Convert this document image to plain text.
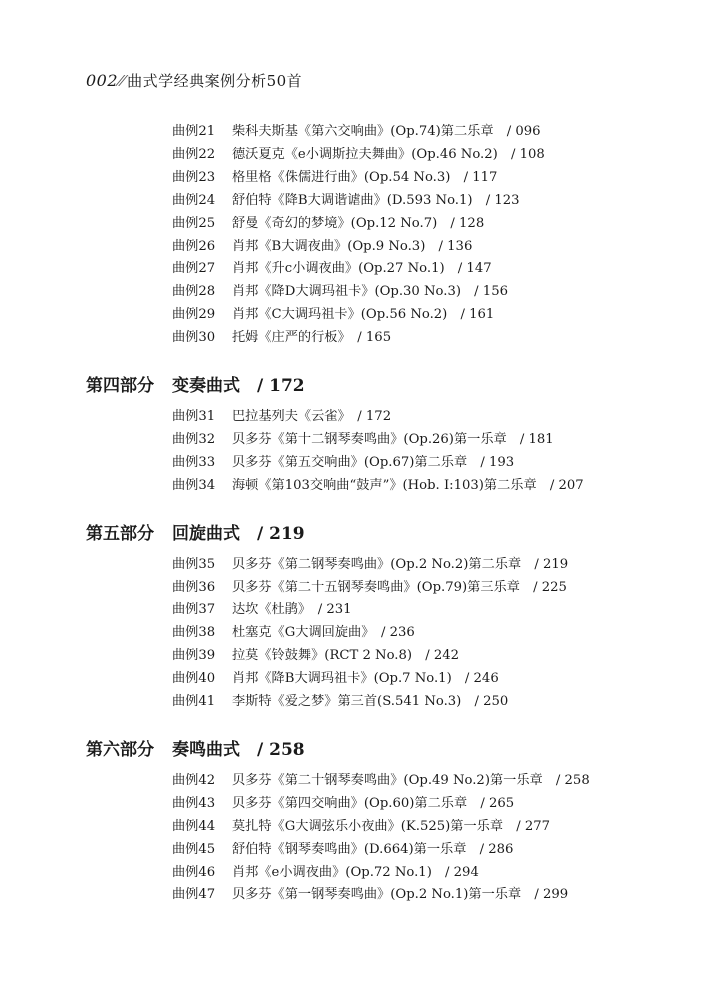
002 ⁄⁄ 曲式学经典案例分析50首
曲例21 柴科夫斯基《第六交响曲》(Op.74)第二乐章　/ 096
曲例22 德沃夏克《e小调斯拉夫舞曲》(Op.46 No.2)　/ 108
曲例23 格里格《侏儒进行曲》(Op.54 No.3)　/ 117
曲例24 舒伯特《降B大调谐谑曲》(D.593 No.1)　/ 123
曲例25 舒曼《奇幻的梦境》(Op.12 No.7)　/ 128
曲例26 肖邦《B大调夜曲》(Op.9 No.3)　/ 136
曲例27 肖邦《升c小调夜曲》(Op.27 No.1)　/ 147
曲例28 肖邦《降D大调玛祖卡》(Op.30 No.3)　/ 156
曲例29 肖邦《C大调玛祖卡》(Op.56 No.2)　/ 161
曲例30 托姆《庄严的行板》　/ 165
第四部分 变奏曲式　/ 172
曲例31 巴拉基列夫《云雀》　/ 172
曲例32 贝多芬《第十二钢琴奏鸣曲》(Op.26)第一乐章　/ 181
曲例33 贝多芬《第五交响曲》(Op.67)第二乐章　/ 193
曲例34 海顿《第103交响曲“鼓声”》(Hob. I:103)第二乐章　/ 207
第五部分 回旋曲式　/ 219
曲例35 贝多芬《第二钢琴奏鸣曲》(Op.2 No.2)第二乐章　/ 219
曲例36 贝多芬《第二十五钢琴奏鸣曲》(Op.79)第三乐章　/ 225
曲例37 达坎《杜鹃》　/ 231
曲例38 杜塞克《G大调回旋曲》　/ 236
曲例39 拉莫《铃鼓舞》(RCT 2 No.8)　/ 242
曲例40 肖邦《降B大调玛祖卡》(Op.7 No.1)　/ 246
曲例41 李斯特《爱之梦》第三首(S.541 No.3)　/ 250
第六部分 奏鸣曲式　/ 258
曲例42 贝多芬《第二十钢琴奏鸣曲》(Op.49 No.2)第一乐章　/ 258
曲例43 贝多芬《第四交响曲》(Op.60)第二乐章　/ 265
曲例44 莫扎特《G大调弦乐小夜曲》(K.525)第一乐章　/ 277
曲例45 舒伯特《钢琴奏鸣曲》(D.664)第一乐章　/ 286
曲例46 肖邦《e小调夜曲》(Op.72 No.1)　/ 294
曲例47 贝多芬《第一钢琴奏鸣曲》(Op.2 No.1)第一乐章　/ 299
